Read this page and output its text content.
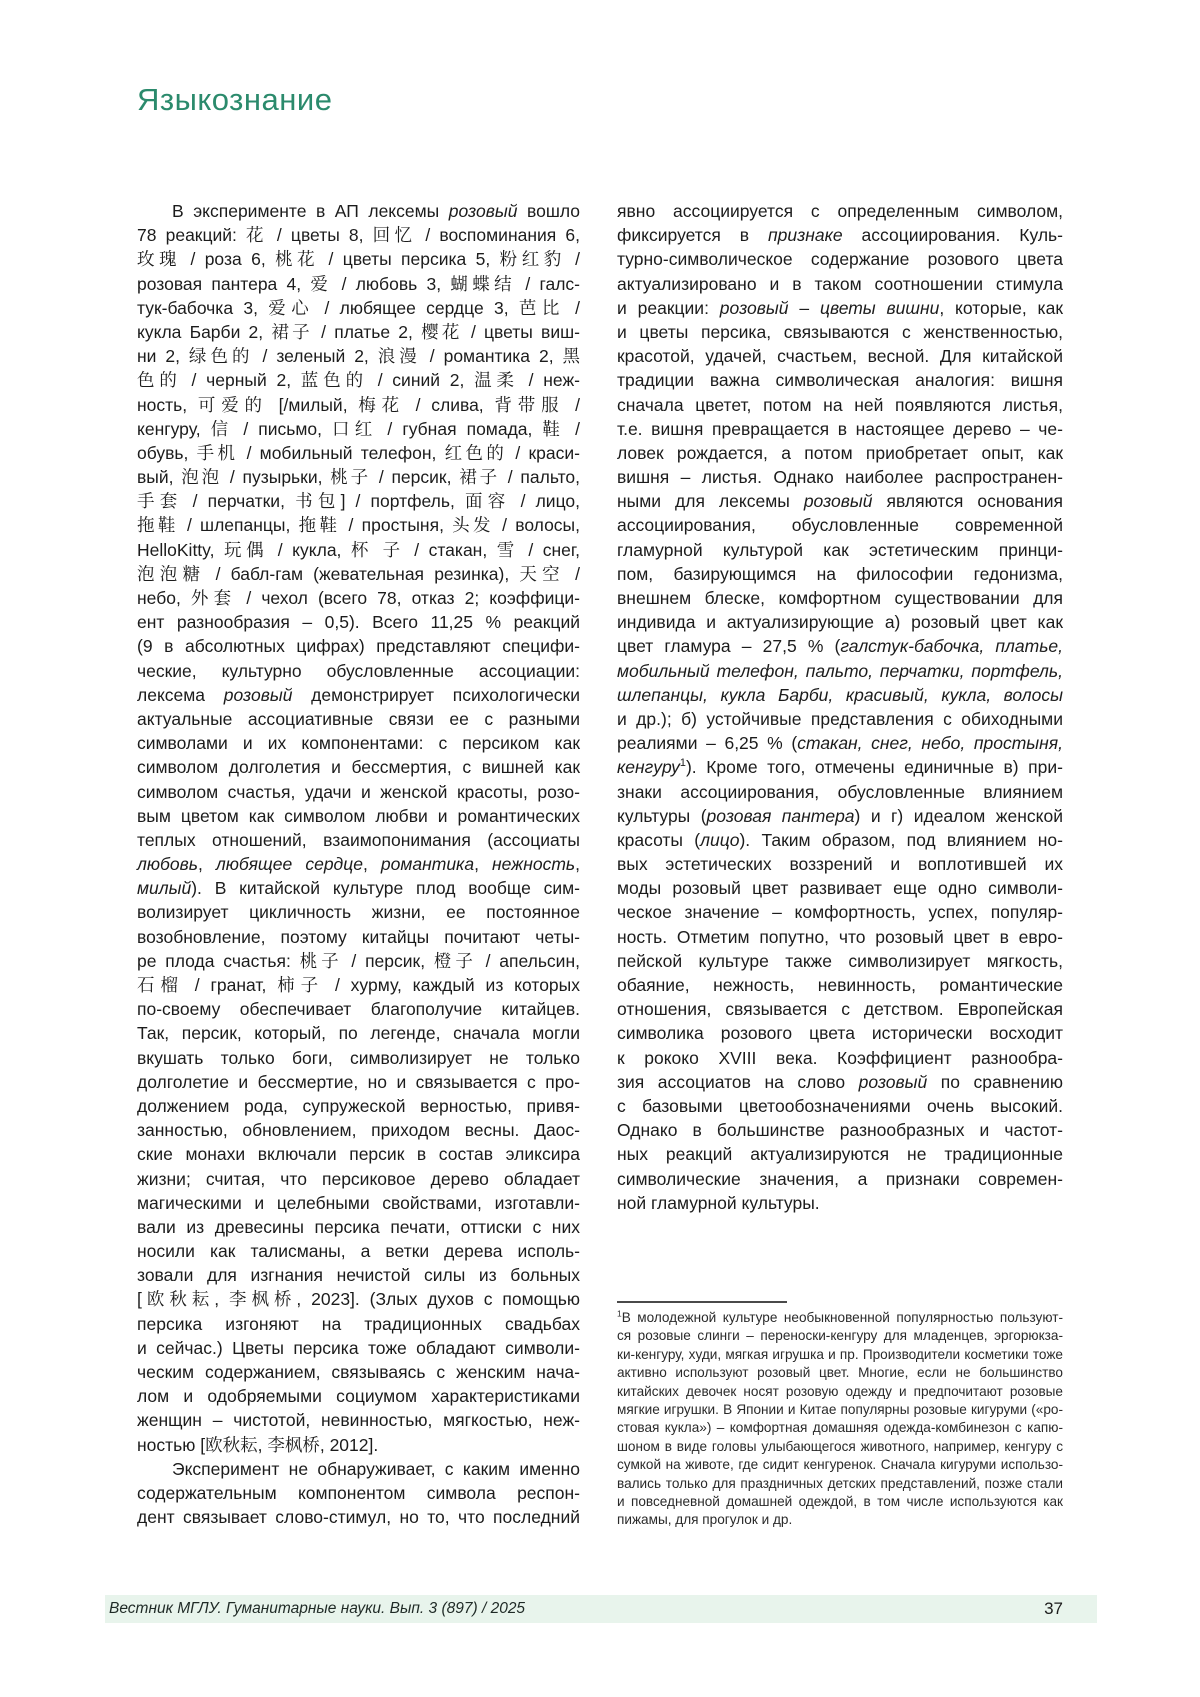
Языкознание
В эксперименте в АП лексемы розовый вошло
78 реакций: 花 / цветы 8, 回忆 / воспоминания 6,
玫瑰 / роза 6, 桃花 / цветы персика 5, 粉红豹 /
розовая пантера 4, 爱 / любовь 3, 蝴蝶结 / галс-
тук-бабочка 3, 爱心 / любящее сердце 3, 芭比 /
кукла Барби 2, 裙子 / платье 2, 樱花 / цветы виш-
ни 2, 绿色的 / зеленый 2, 浪漫 / романтика 2, 黑
色的 / черный 2, 蓝色的 / синий 2, 温柔 / неж-
ность, 可爱的 [/милый, 梅花 / слива, 背带服 /
кенгуру, 信 / письмо, 口红 / губная помада, 鞋 /
обувь, 手机 / мобильный телефон, 红色的 / краси-
вый, 泡泡 / пузырьки, 桃子 / персик, 裙子 / пальто,
手套 / перчатки, 书包] / портфель, 面容 / лицо,
拖鞋 / шлепанцы, 拖鞋 / простыня, 头发 / волосы,
HelloKitty, 玩偶 / кукла, 杯 子 / стакан, 雪 / снег,
泡泡糖 / бабл-гам (жевательная резинка), 天空 /
небо, 外套 / чехол (всего 78, отказ 2; коэффици-
ент разнообразия – 0,5). Всего 11,25 % реакций
(9 в абсолютных цифрах) представляют специфи-
ческие, культурно обусловленные ассоциации:
лексема розовый демонстрирует психологически
актуальные ассоциативные связи ее с разными
символами и их компонентами: с персиком как
символом долголетия и бессмертия, с вишней как
символом счастья, удачи и женской красоты, розо-
вым цветом как символом любви и романтических
теплых отношений, взаимопонимания (ассоциаты
любовь, любящее сердце, романтика, нежность,
милый). В китайской культуре плод вообще сим-
волизирует цикличность жизни, ее постоянное
возобновление, поэтому китайцы почитают четы-
ре плода счастья: 桃子 / персик, 橙子 / апельсин,
石榴 / гранат, 柿子 / хурму, каждый из которых
по-своему обеспечивает благополучие китайцев.
Так, персик, который, по легенде, сначала могли
вкушать только боги, символизирует не только
долголетие и бессмертие, но и связывается с про-
должением рода, супружеской верностью, привя-
занностью, обновлением, приходом весны. Даос-
ские монахи включали персик в состав эликсира
жизни; считая, что персиковое дерево обладает
магическими и целебными свойствами, изготавли-
вали из древесины персика печати, оттиски с них
носили как талисманы, а ветки дерева исполь-
зовали для изгнания нечистой силы из больных
[欧秋耘, 李枫桥, 2023]. (Злых духов с помощью
персика изгоняют на традиционных свадьбах
и сейчас.) Цветы персика тоже обладают символи-
ческим содержанием, связываясь с женским нача-
лом и одобряемыми социумом характеристиками
женщин – чистотой, невинностью, мягкостью, неж-
ностью [欧秋耘, 李枫桥, 2012].
Эксперимент не обнаруживает, с каким именно
содержательным компонентом символа респон-
дент связывает слово-стимул, но то, что последний
явно ассоциируется с определенным символом,
фиксируется в признаке ассоциирования. Куль-
турно-символическое содержание розового цвета
актуализировано и в таком соотношении стимула
и реакции: розовый – цветы вишни, которые, как
и цветы персика, связываются с женственностью,
красотой, удачей, счастьем, весной. Для китайской
традиции важна символическая аналогия: вишня
сначала цветет, потом на ней появляются листья,
т.е. вишня превращается в настоящее дерево – че-
ловек рождается, а потом приобретает опыт, как
вишня – листья. Однако наиболее распространен-
ными для лексемы розовый являются основания
ассоциирования, обусловленные современной
гламурной культурой как эстетическим принци-
пом, базирующимся на философии гедонизма,
внешнем блеске, комфортном существовании для
индивида и актуализирующие а) розовый цвет как
цвет гламура – 27,5 % (галстук-бабочка, платье,
мобильный телефон, пальто, перчатки, портфель,
шлепанцы, кукла Барби, красивый, кукла, волосы
и др.); б) устойчивые представления с обиходными
реалиями – 6,25 % (стакан, снег, небо, простыня,
кенгуру$^1$). Кроме того, отмечены единичные в) при-
знаки ассоциирования, обусловленные влиянием
культуры (розовая пантера) и г) идеалом женской
красоты (лицо). Таким образом, под влиянием но-
вых эстетических воззрений и воплотившей их
моды розовый цвет развивает еще одно символи-
ческое значение – комфортность, успех, популяр-
ность. Отметим попутно, что розовый цвет в евро-
пейской культуре также символизирует мягкость,
обаяние, нежность, невинность, романтические
отношения, связывается с детством. Европейская
символика розового цвета исторически восходит
к рококо XVIII века. Коэффициент разнообра-
зия ассоциатов на слово розовый по сравнению
с базовыми цветообозначениями очень высокий.
Однако в большинстве разнообразных и частот-
ных реакций актуализируются не традиционные
символические значения, а признаки современ-
ной гламурной культуры.
$^1$В молодежной культуре необыкновенной популярностью пользуют-
ся розовые слинги – переноски-кенгуру для младенцев, эргорюкза-
ки-кенгуру, худи, мягкая игрушка и пр. Производители косметики тоже
активно используют розовый цвет. Многие, если не большинство
китайских девочек носят розовую одежду и предпочитают розовые
мягкие игрушки. В Японии и Китае популярны розовые кигуруми («ро-
стовая кукла») – комфортная домашняя одежда-комбинезон с капю-
шоном в виде головы улыбающегося животного, например, кенгуру с
сумкой на животе, где сидит кенгуренок. Сначала кигуруми использо-
вались только для праздничных детских представлений, позже стали
и повседневной домашней одеждой, в том числе используются как
пижамы, для прогулок и др.
Вестник МГЛУ. Гуманитарные науки. Вып. 3 (897) / 2025	37
